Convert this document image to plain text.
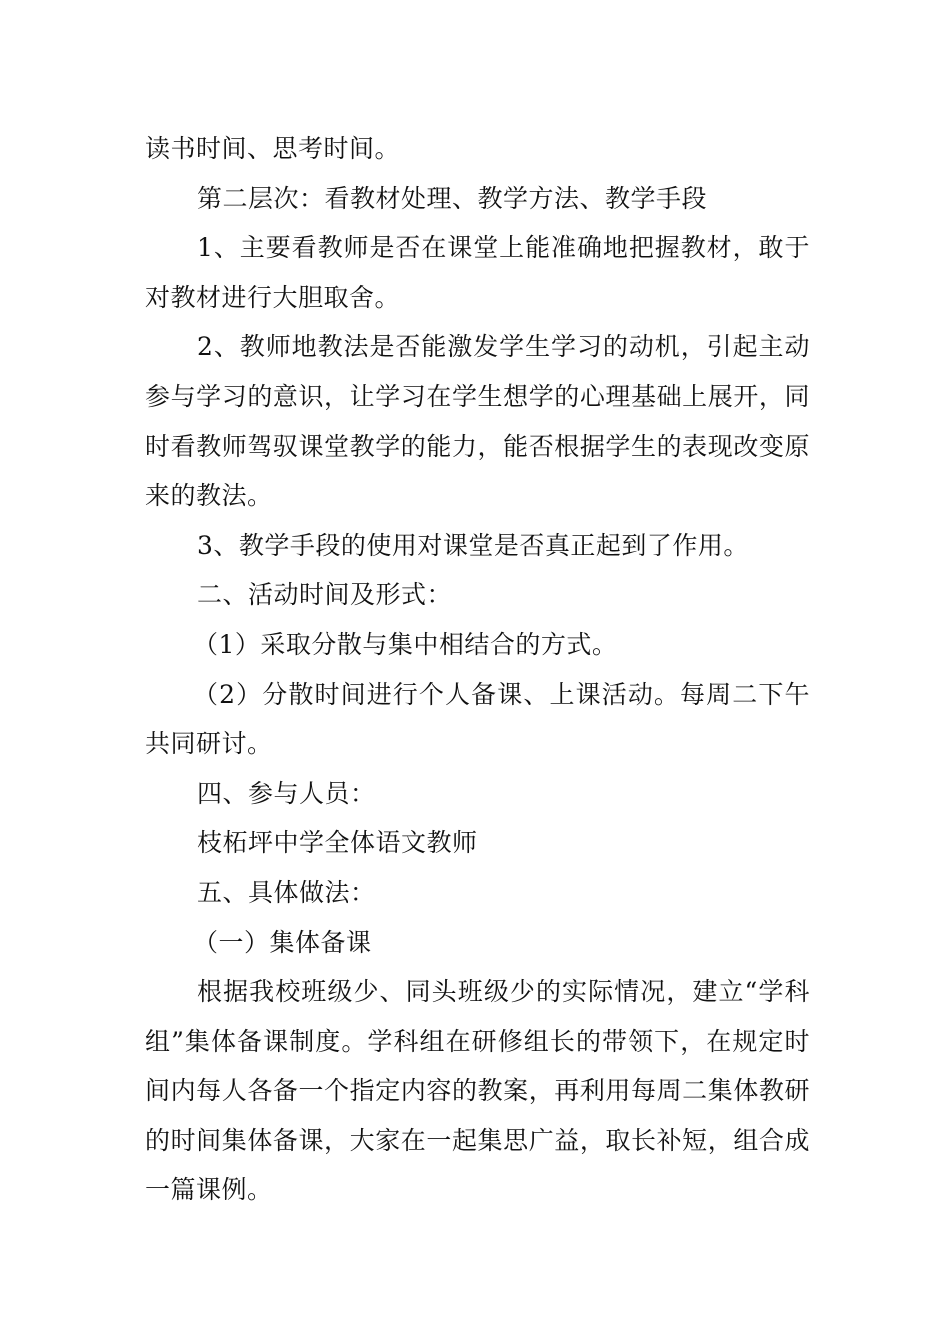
读书时间、思考时间。

第二层次：看教材处理、教学方法、教学手段

1、主要看教师是否在课堂上能准确地把握教材，敢于对教材进行大胆取舍。

2、教师地教法是否能激发学生学习的动机，引起主动参与学习的意识，让学习在学生想学的心理基础上展开，同时看教师驾驭课堂教学的能力，能否根据学生的表现改变原来的教法。

3、教学手段的使用对课堂是否真正起到了作用。

二、活动时间及形式：

（1）采取分散与集中相结合的方式。

（2）分散时间进行个人备课、上课活动。每周二下午共同研讨。

四、参与人员：

枝柘坪中学全体语文教师

五、具体做法：

（一）集体备课

根据我校班级少、同头班级少的实际情况，建立“学科组”集体备课制度。学科组在研修组长的带领下，在规定时间内每人各备一个指定内容的教案，再利用每周二集体教研的时间集体备课，大家在一起集思广益，取长补短，组合成一篇课例。
